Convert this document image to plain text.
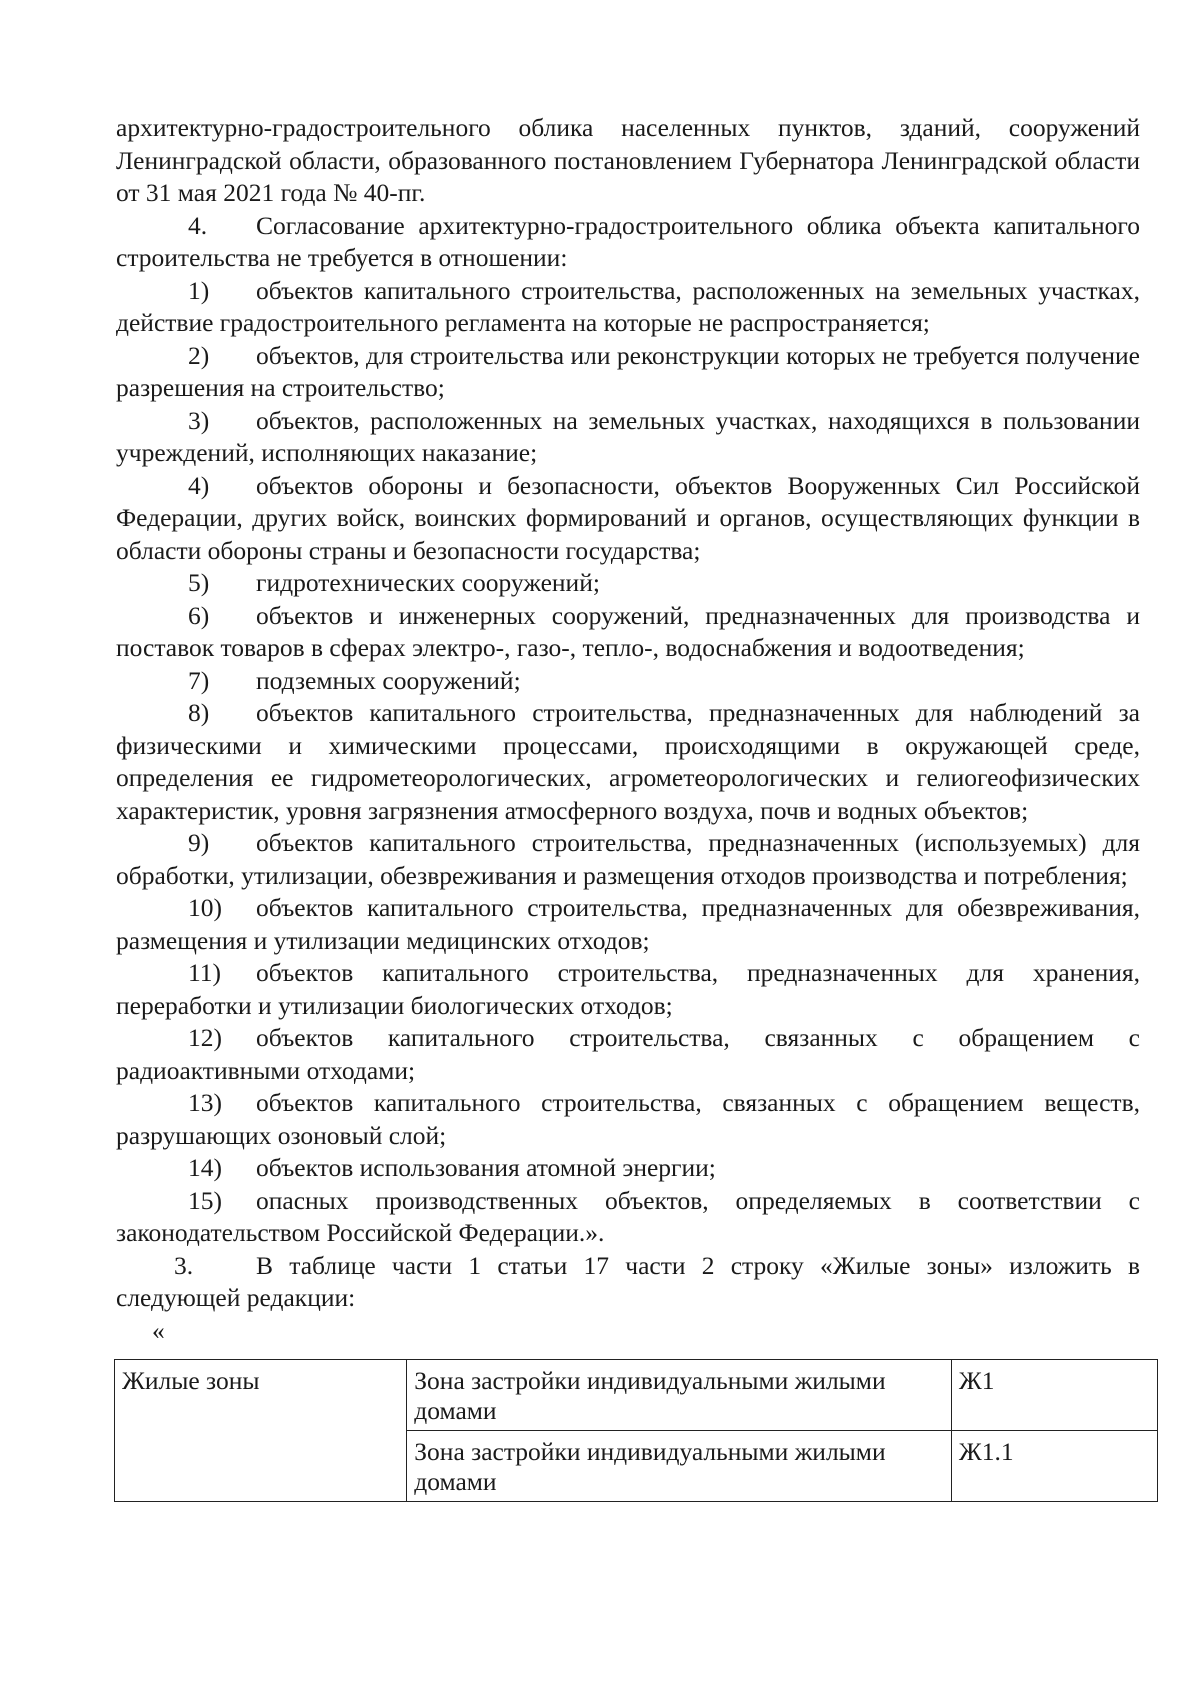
архитектурно-градостроительного облика населенных пунктов, зданий, сооружений Ленинградской области, образованного постановлением Губернатора Ленинградской области от 31 мая 2021 года № 40-пг.

4. Согласование архитектурно-градостроительного облика объекта капитального строительства не требуется в отношении:

1) объектов капитального строительства, расположенных на земельных участках, действие градостроительного регламента на которые не распространяется;

2) объектов, для строительства или реконструкции которых не требуется получение разрешения на строительство;

3) объектов, расположенных на земельных участках, находящихся в пользовании учреждений, исполняющих наказание;

4) объектов обороны и безопасности, объектов Вооруженных Сил Российской Федерации, других войск, воинских формирований и органов, осуществляющих функции в области обороны страны и безопасности государства;

5) гидротехнических сооружений;

6) объектов и инженерных сооружений, предназначенных для производства и поставок товаров в сферах электро-, газо-, тепло-, водоснабжения и водоотведения;

7) подземных сооружений;

8) объектов капитального строительства, предназначенных для наблюдений за физическими и химическими процессами, происходящими в окружающей среде, определения ее гидрометеорологических, агрометеорологических и гелиогеофизических характеристик, уровня загрязнения атмосферного воздуха, почв и водных объектов;

9) объектов капитального строительства, предназначенных (используемых) для обработки, утилизации, обезвреживания и размещения отходов производства и потребления;

10) объектов капитального строительства, предназначенных для обезвреживания, размещения и утилизации медицинских отходов;

11) объектов капитального строительства, предназначенных для хранения, переработки и утилизации биологических отходов;

12) объектов капитального строительства, связанных с обращением с радиоактивными отходами;

13) объектов капитального строительства, связанных с обращением веществ, разрушающих озоновый слой;

14) объектов использования атомной энергии;

15) опасных производственных объектов, определяемых в соответствии с законодательством Российской Федерации.».

3. В таблице части 1 статьи 17 части 2 строку «Жилые зоны» изложить в следующей редакции:

«

Жилые зоны	Зона застройки индивидуальными жилыми домами	Ж1
	Зона застройки индивидуальными жилыми домами	Ж1.1
